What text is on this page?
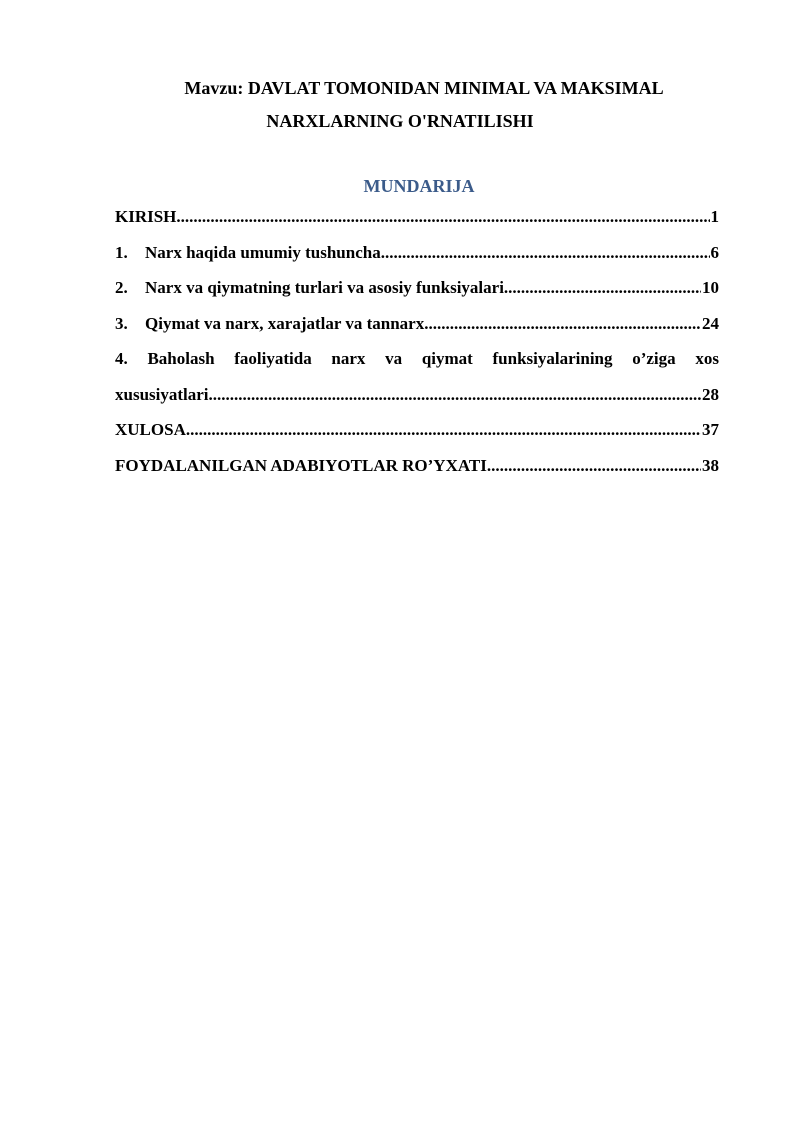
Mavzu: DAVLAT TOMONIDAN MINIMAL VA MAKSIMAL

NARXLARNING O'RNATILISHI

MUNDARIJA

KIRISH .....	1
1.	Narx haqida umumiy tushuncha .....	6
2.	Narx va qiymatning turlari va asosiy funksiyalari .....	10
3.	Qiymat va narx, xarajatlar va tannarx .....	24
4. Baholash faoliyatida narx va qiymat funksiyalarining o’ziga xos
xususiyatlari .....	28
XULOSA .....	37
FOYDALANILGAN ADABIYOTLAR RO’YXATI .....	38
